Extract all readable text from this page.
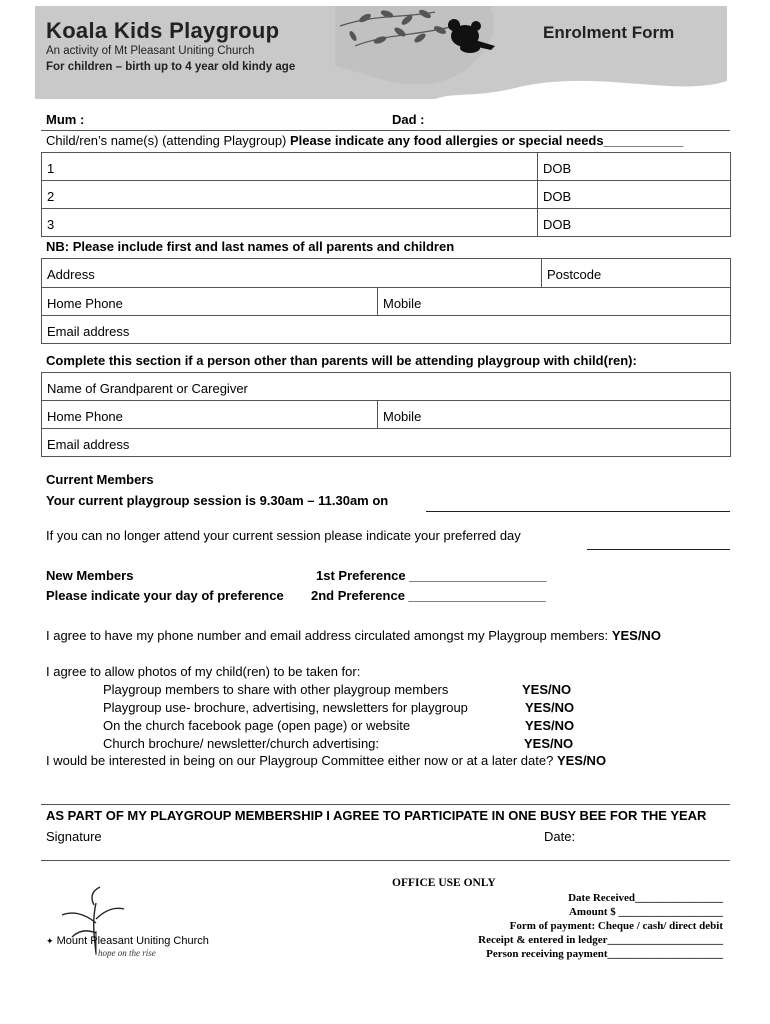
Koala Kids Playgroup
An activity of Mt Pleasant Uniting Church
For children – birth up to 4 year old kindy age
Enrolment Form
Mum :	Dad :
Child/ren’s name(s) (attending Playgroup) Please indicate any food allergies or special needs___________
1	DOB
2	DOB
3	DOB
NB: Please include first and last names of all parents and children
Address	Postcode
Home Phone	Mobile
Email address
Complete this section if a person other than parents will be attending playgroup with child(ren):
Name of Grandparent or Caregiver
Home Phone	Mobile
Email address
Current Members
Your current playgroup session is 9.30am – 11.30am on
If you can no longer attend your current session please indicate your preferred day
New Members
Please indicate your day of preference
1st Preference ___________________
2nd Preference ___________________
I agree to have my phone number and email address circulated amongst my Playgroup members: YES/NO
I agree to allow photos of my child(ren) to be taken for:
Playgroup members to share with other playgroup members	YES/NO
Playgroup use- brochure, advertising, newsletters for playgroup	YES/NO
On the church facebook page (open page) or website	YES/NO
Church brochure/ newsletter/church advertising:	YES/NO
I would be interested in being on our Playgroup Committee either now or at a later date? YES/NO
AS PART OF MY PLAYGROUP MEMBERSHIP I AGREE TO PARTICIPATE IN ONE BUSY BEE FOR THE YEAR
Signature	Date:
✦ Mount Pleasant Uniting Church
hope on the rise
OFFICE USE ONLY
Date Received________________
Amount $ ___________________
Form of payment: Cheque / cash/ direct debit
Receipt & entered in ledger_____________________
Person receiving payment_____________________
